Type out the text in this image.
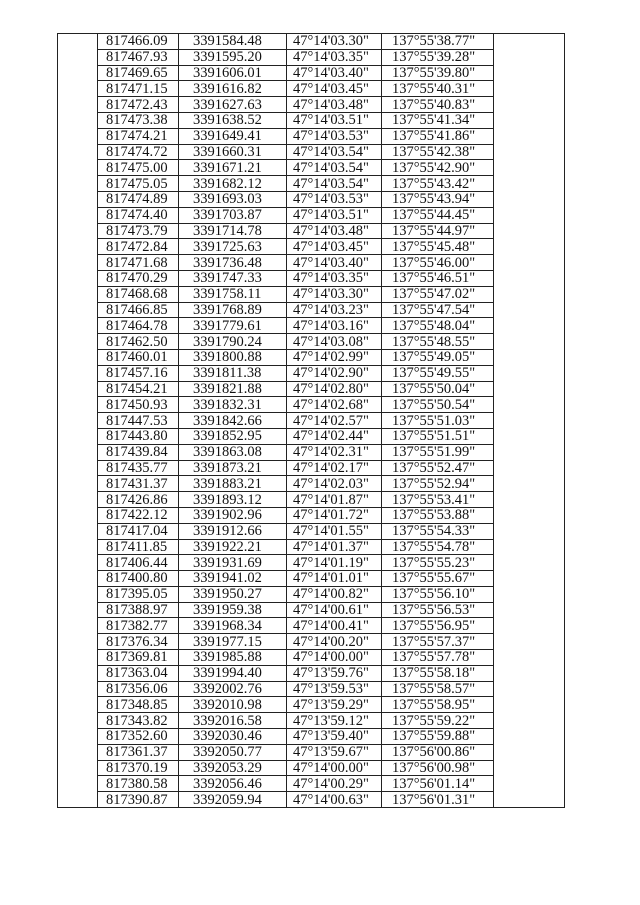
	817466.09	3391584.48	47°14'03.30"	137°55'38.77"	
	817467.93	3391595.20	47°14'03.35"	137°55'39.28"	
	817469.65	3391606.01	47°14'03.40"	137°55'39.80"	
	817471.15	3391616.82	47°14'03.45"	137°55'40.31"	
	817472.43	3391627.63	47°14'03.48"	137°55'40.83"	
	817473.38	3391638.52	47°14'03.51"	137°55'41.34"	
	817474.21	3391649.41	47°14'03.53"	137°55'41.86"	
	817474.72	3391660.31	47°14'03.54"	137°55'42.38"	
	817475.00	3391671.21	47°14'03.54"	137°55'42.90"	
	817475.05	3391682.12	47°14'03.54"	137°55'43.42"	
	817474.89	3391693.03	47°14'03.53"	137°55'43.94"	
	817474.40	3391703.87	47°14'03.51"	137°55'44.45"	
	817473.79	3391714.78	47°14'03.48"	137°55'44.97"	
	817472.84	3391725.63	47°14'03.45"	137°55'45.48"	
	817471.68	3391736.48	47°14'03.40"	137°55'46.00"	
	817470.29	3391747.33	47°14'03.35"	137°55'46.51"	
	817468.68	3391758.11	47°14'03.30"	137°55'47.02"	
	817466.85	3391768.89	47°14'03.23"	137°55'47.54"	
	817464.78	3391779.61	47°14'03.16"	137°55'48.04"	
	817462.50	3391790.24	47°14'03.08"	137°55'48.55"	
	817460.01	3391800.88	47°14'02.99"	137°55'49.05"	
	817457.16	3391811.38	47°14'02.90"	137°55'49.55"	
	817454.21	3391821.88	47°14'02.80"	137°55'50.04"	
	817450.93	3391832.31	47°14'02.68"	137°55'50.54"	
	817447.53	3391842.66	47°14'02.57"	137°55'51.03"	
	817443.80	3391852.95	47°14'02.44"	137°55'51.51"	
	817439.84	3391863.08	47°14'02.31"	137°55'51.99"	
	817435.77	3391873.21	47°14'02.17"	137°55'52.47"	
	817431.37	3391883.21	47°14'02.03"	137°55'52.94"	
	817426.86	3391893.12	47°14'01.87"	137°55'53.41"	
	817422.12	3391902.96	47°14'01.72"	137°55'53.88"	
	817417.04	3391912.66	47°14'01.55"	137°55'54.33"	
	817411.85	3391922.21	47°14'01.37"	137°55'54.78"	
	817406.44	3391931.69	47°14'01.19"	137°55'55.23"	
	817400.80	3391941.02	47°14'01.01"	137°55'55.67"	
	817395.05	3391950.27	47°14'00.82"	137°55'56.10"	
	817388.97	3391959.38	47°14'00.61"	137°55'56.53"	
	817382.77	3391968.34	47°14'00.41"	137°55'56.95"	
	817376.34	3391977.15	47°14'00.20"	137°55'57.37"	
	817369.81	3391985.88	47°14'00.00"	137°55'57.78"	
	817363.04	3391994.40	47°13'59.76"	137°55'58.18"	
	817356.06	3392002.76	47°13'59.53"	137°55'58.57"	
	817348.85	3392010.98	47°13'59.29"	137°55'58.95"	
	817343.82	3392016.58	47°13'59.12"	137°55'59.22"	
	817352.60	3392030.46	47°13'59.40"	137°55'59.88"	
	817361.37	3392050.77	47°13'59.67"	137°56'00.86"	
	817370.19	3392053.29	47°14'00.00"	137°56'00.98"	
	817380.58	3392056.46	47°14'00.29"	137°56'01.14"	
	817390.87	3392059.94	47°14'00.63"	137°56'01.31"	
